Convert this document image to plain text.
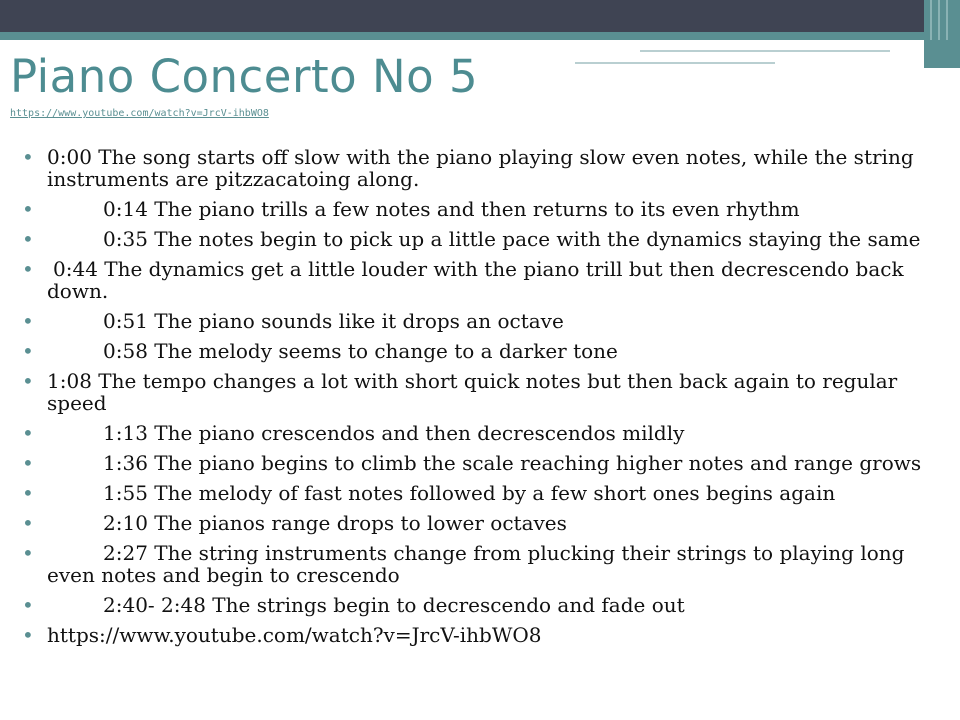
Piano Concerto No 5
https://www.youtube.com/watch?v=JrcV-ihbWO8
• 0:00 The song starts off slow with the piano playing slow even notes, while the string instruments are pitzzacatoing along.
• 0:14 The piano trills a few notes and then returns to its even rhythm
• 0:35 The notes begin to pick up a little pace with the dynamics staying the same
• 0:44 The dynamics get a little louder with the piano trill but then decrescendo back down.
• 0:51 The piano sounds like it drops an octave
• 0:58 The melody seems to change to a darker tone
• 1:08 The tempo changes a lot with short quick notes but then back again to regular speed
• 1:13 The piano crescendos and then decrescendos mildly
• 1:36 The piano begins to climb the scale reaching higher notes and range grows
• 1:55 The melody of fast notes followed by a few short ones begins again
• 2:10 The pianos range drops to lower octaves
• 2:27 The string instruments change from plucking their strings to playing long even notes and begin to crescendo
• 2:40- 2:48 The strings begin to decrescendo and fade out
• https://www.youtube.com/watch?v=JrcV-ihbWO8
